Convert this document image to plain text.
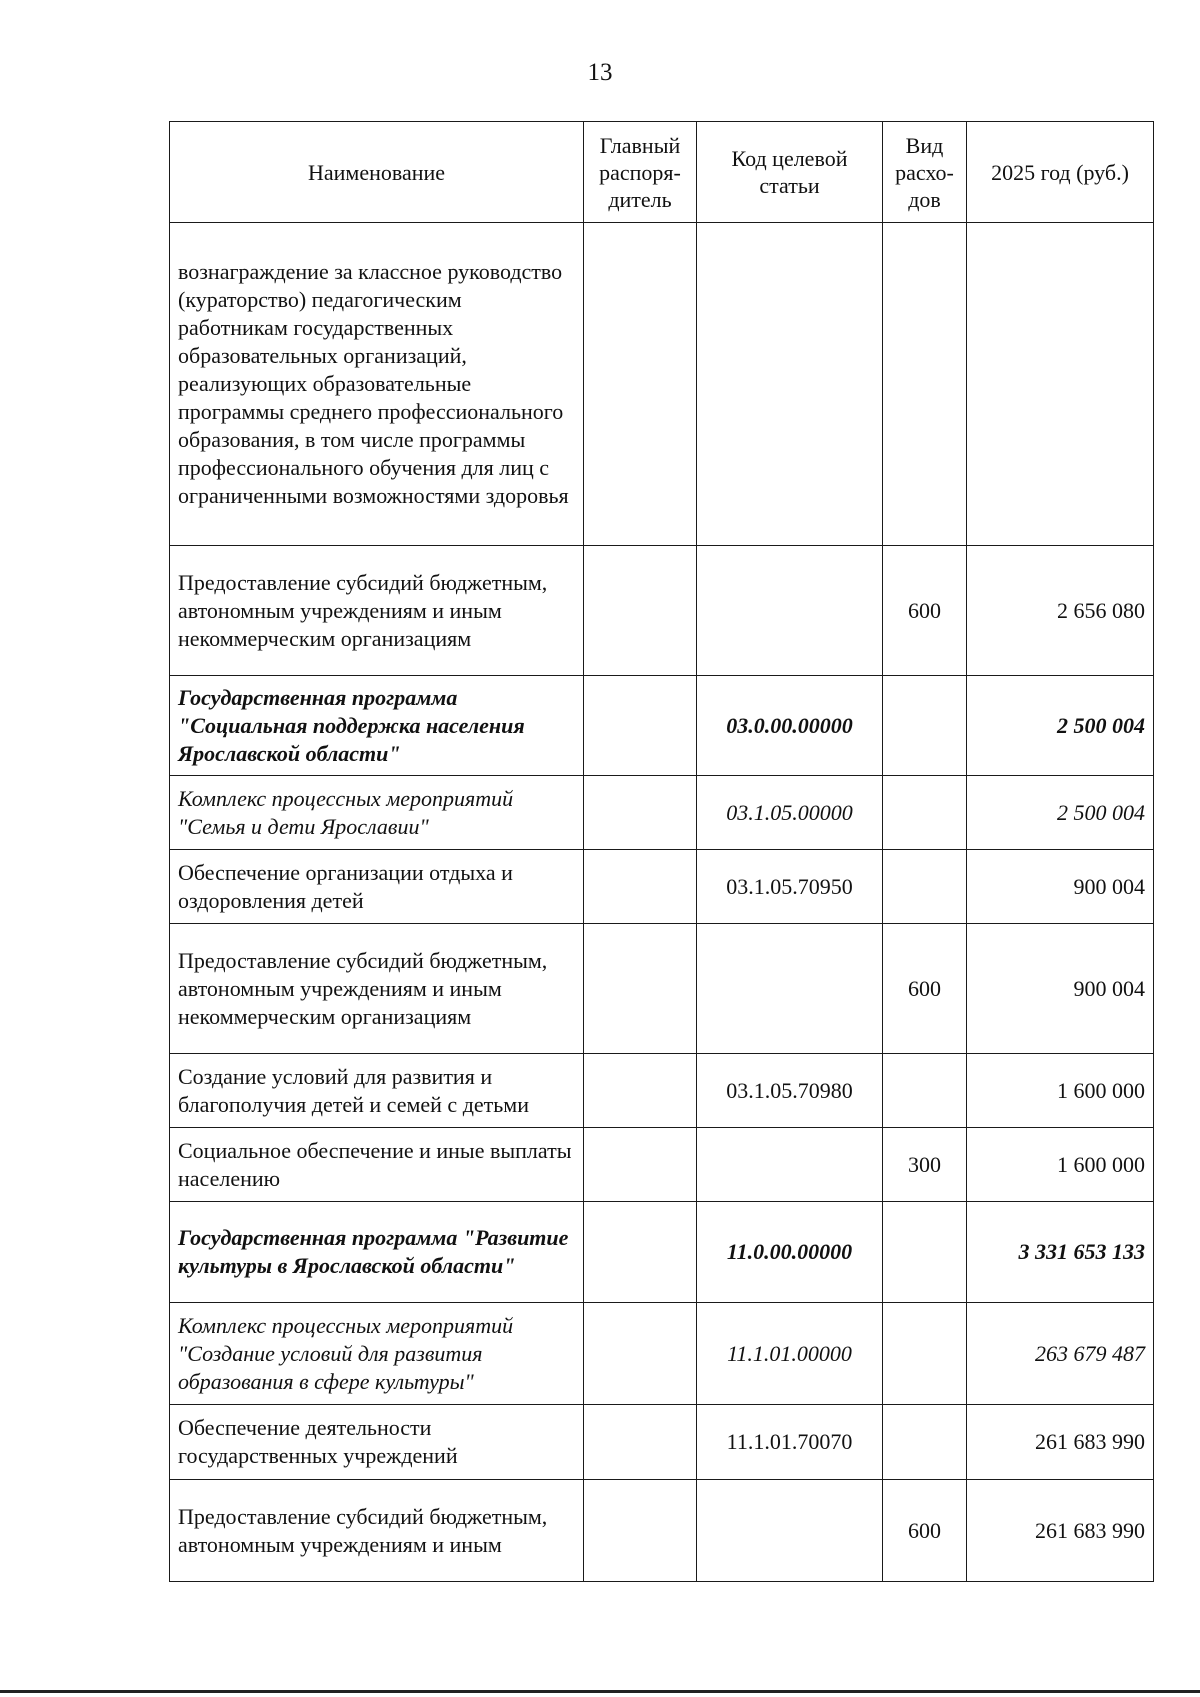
13
Наименование	Главный распоря-дитель	Код целевой статьи	Вид расхо-дов	2025 год (руб.)
вознаграждение за классное руководство (кураторство) педагогическим работникам государственных образовательных организаций, реализующих образовательные программы среднего профессионального образования, в том числе программы профессионального обучения для лиц с ограниченными возможностями здоровья				
Предоставление субсидий бюджетным, автономным учреждениям и иным некоммерческим организациям			600	2 656 080
Государственная программа "Социальная поддержка населения Ярославской области"		03.0.00.00000		2 500 004
Комплекс процессных мероприятий "Семья и дети Ярославии"		03.1.05.00000		2 500 004
Обеспечение организации отдыха и оздоровления детей		03.1.05.70950		900 004
Предоставление субсидий бюджетным, автономным учреждениям и иным некоммерческим организациям			600	900 004
Создание условий для развития и благополучия детей и семей с детьми		03.1.05.70980		1 600 000
Социальное обеспечение и иные выплаты населению			300	1 600 000
Государственная программа "Развитие культуры в Ярославской области"		11.0.00.00000		3 331 653 133
Комплекс процессных мероприятий "Создание условий для развития образования в сфере культуры"		11.1.01.00000		263 679 487
Обеспечение деятельности государственных учреждений		11.1.01.70070		261 683 990
Предоставление субсидий бюджетным, автономным учреждениям и иным			600	261 683 990
